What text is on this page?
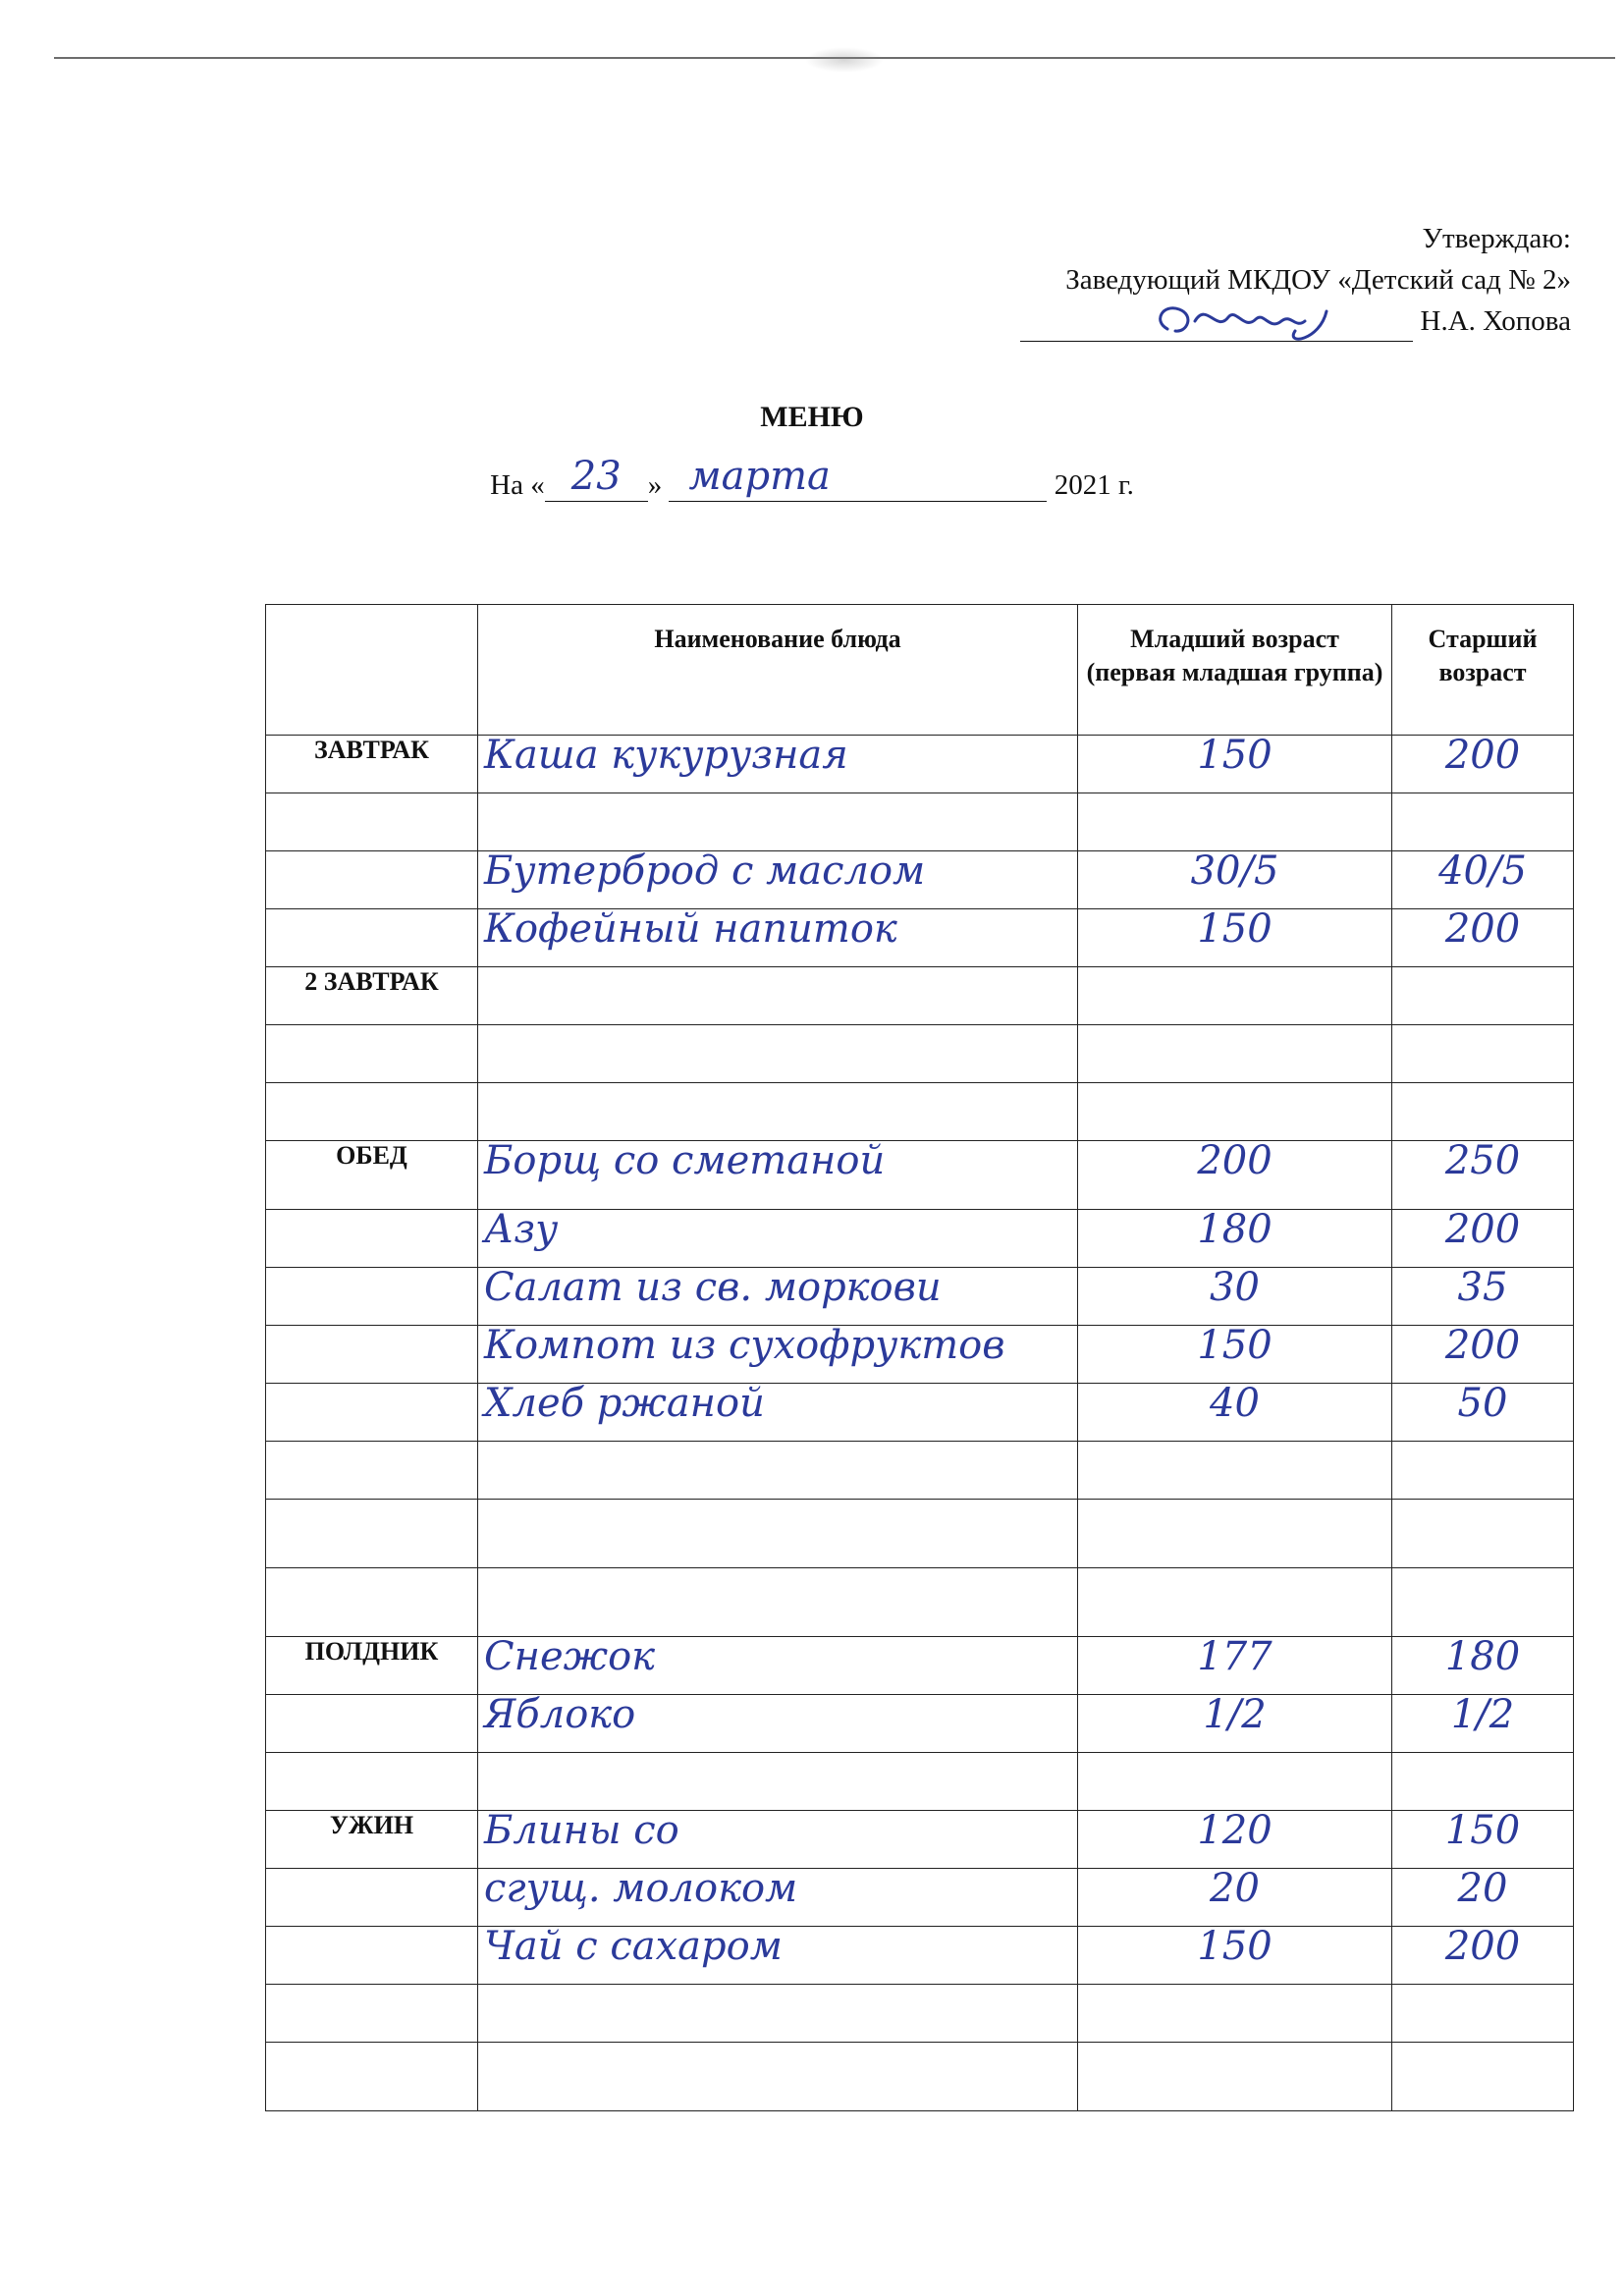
Утверждаю:
Заведующий МКДОУ «Детский сад № 2»
Н.А. Хопова
МЕНЮ
На « 23 » марта	2021 г.
	Наименование блюда	Младший возраст (первая младшая группа)	Старший возраст
ЗАВТРАК	Каша кукурузная	150	200

	Бутерброд с маслом	30/5	40/5
	Кофейный напиток	150	200
2 ЗАВТРАК			

ОБЕД	Борщ со сметаной	200	250
	Азу	180	200
	Салат из св. моркови	30	35
	Компот из сухофруктов	150	200
	Хлеб ржаной	40	50

ПОЛДНИК	Снежок	177	180
	Яблоко	1/2	1/2

УЖИН	Блины со	120	150
	сгущ. молоком	20	20
	Чай с сахаром	150	200
